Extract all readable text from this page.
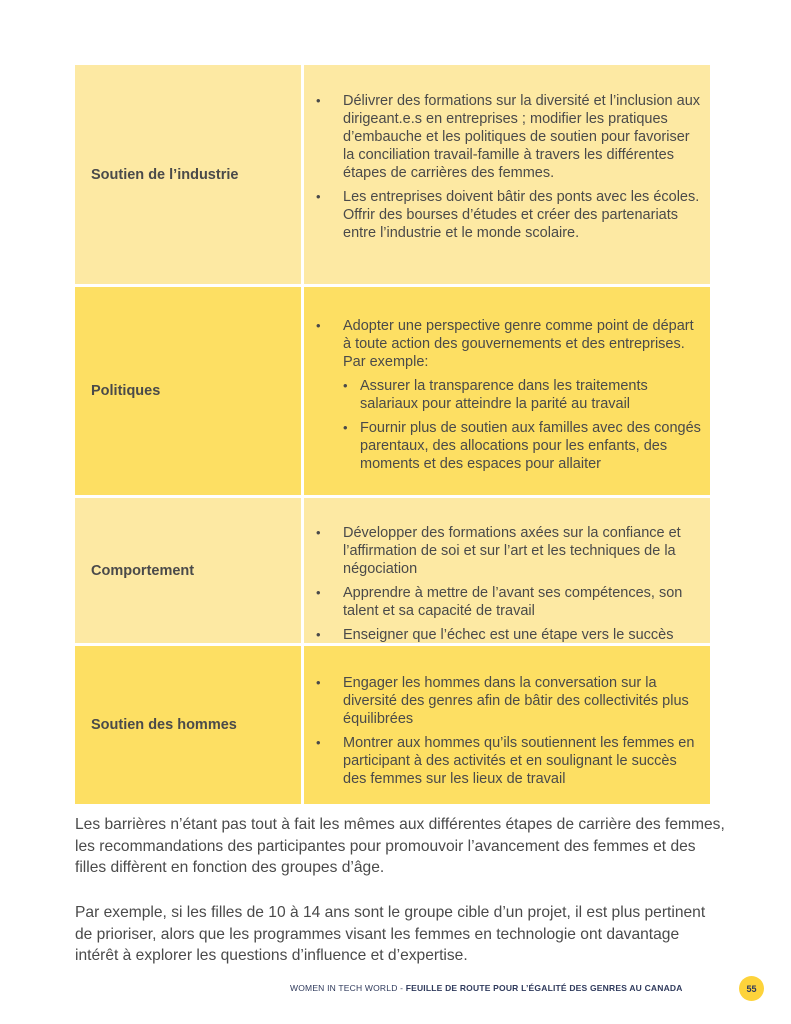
Soutien de l’industrie
• Délivrer des formations sur la diversité et l’inclusion aux dirigeant.e.s en entreprises ; modifier les pratiques d’embauche et les politiques de soutien pour favoriser la conciliation travail-famille à travers les différentes étapes de carrières des femmes.
• Les entreprises doivent bâtir des ponts avec les écoles. Offrir des bourses d’études et créer des partenariats entre l’industrie et le monde scolaire.
Politiques
• Adopter une perspective genre comme point de départ à toute action des gouvernements et des entreprises. Par exemple:
• Assurer la transparence dans les traitements salariaux pour atteindre la parité au travail
• Fournir plus de soutien aux familles avec des congés parentaux, des allocations pour les enfants, des moments et des espaces pour allaiter
Comportement
• Développer des formations axées sur la confiance et l’affirmation de soi et sur l’art et les techniques de la négociation
• Apprendre à mettre de l’avant ses compétences, son talent et sa capacité de travail
• Enseigner que l’échec est une étape vers le succès
Soutien des hommes
• Engager les hommes dans la conversation sur la diversité des genres afin de bâtir des collectivités plus équilibrées
• Montrer aux hommes qu’ils soutiennent les femmes en participant à des activités et en soulignant le succès des femmes sur les lieux de travail

Les barrières n’étant pas tout à fait les mêmes aux différentes étapes de carrière des femmes, les recommandations des participantes pour promouvoir l’avancement des femmes et des filles diffèrent en fonction des groupes d’âge.

Par exemple, si les filles de 10 à 14 ans sont le groupe cible d’un projet, il est plus pertinent de prioriser, alors que les programmes visant les femmes en technologie ont davantage intérêt à explorer les questions d’influence et d’expertise.

WOMEN IN TECH WORLD - FEUILLE DE ROUTE POUR L’ÉGALITÉ DES GENRES AU CANADA	55
